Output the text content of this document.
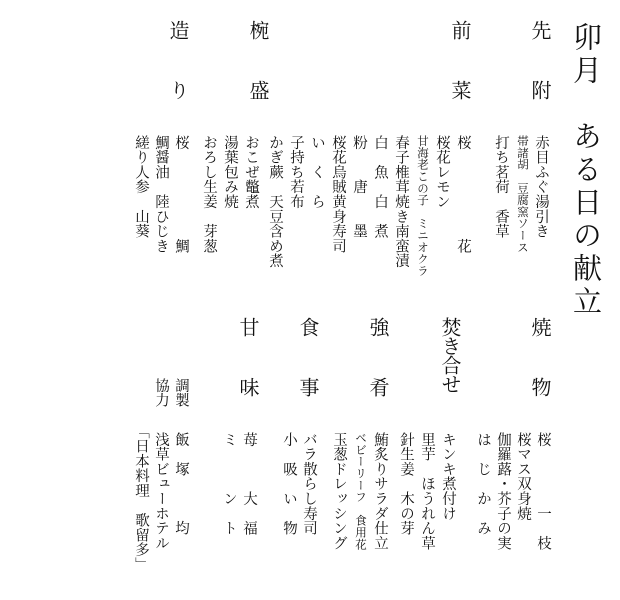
卯月　ある日の献立
先附
赤目ふぐ湯引き
帯諸胡　豆腐窯ソース
打ち茗荷　香草
前菜
桜　　　　　　花
桜花レモン
甘海老この子　ミニオクラ
春子椎茸焼き南蛮漬
白　魚　白　煮
粉　　唐　　墨
桜花烏賊黄身寿司
い　く　ら
子持ち若布
かぎ蕨　天豆含め煮
椀盛
おこぜ鼈煮
湯葉包み焼
おろし生姜　芽葱
造り
桜　　　　　　鯛
鯛醤油　陸ひじき
縒り人参　山葵
焼物
桜　　　　一　枝
桜マス双身焼
伽羅蕗・芥子の実
は　じ　か　み
焚き合せ
キンキ煮付け
里芋　ほうれん草
針生姜　木の芽
強肴
鮪炙りサラダ仕立
ベビーリーフ　食用花
玉葱ドレッシング
食事
バラ散らし寿司
小　吸　い　物
甘味
苺　　　大　福
ミ　　　ン　ト
調製
協力
飯　塚　　　均
浅草ビューホテル
「日本料理　歌留多」
